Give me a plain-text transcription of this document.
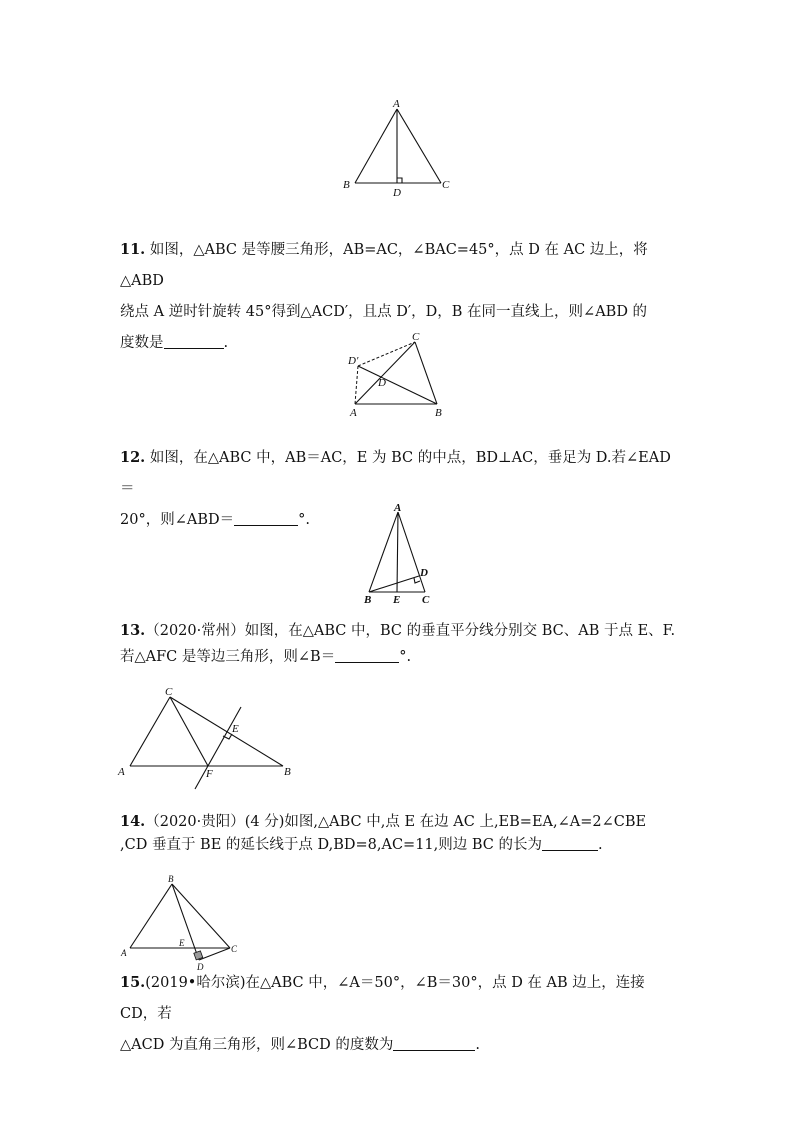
A
B	C
D
11. 如图，△ABC 是等腰三角形，AB=AC，∠BAC=45°，点 D 在 AC 边上，将△ABD
绕点 A 逆时针旋转 45°得到△ACD′，且点 D′，D，B 在同一直线上，则∠ABD 的
度数是	.
A	B
C
D
D′
12. 如图，在△ABC 中，AB＝AC，E 为 BC 的中点，BD⊥AC，垂足为 D.若∠EAD＝
20°，则∠ABD＝	°.
A
B	C
D
E
13.（2020·常州）如图，在△ABC 中，BC 的垂直平分线分别交 BC、AB 于点 E、F.
若△AFC 是等边三角形，则∠B＝	°.
A	B
C
E
F
14.（2020·贵阳）(4 分)如图,△ABC 中,点 E 在边 AC 上,EB=EA,∠A=2∠CBE
,CD 垂直于 BE 的延长线于点 D,BD=8,AC=11,则边 BC 的长为	.
A
B
C
D
E
15.(2019•哈尔滨)在△ABC 中，∠A＝50°，∠B＝30°，点 D 在 AB 边上，连接 CD，若
△ACD 为直角三角形，则∠BCD 的度数为	.
